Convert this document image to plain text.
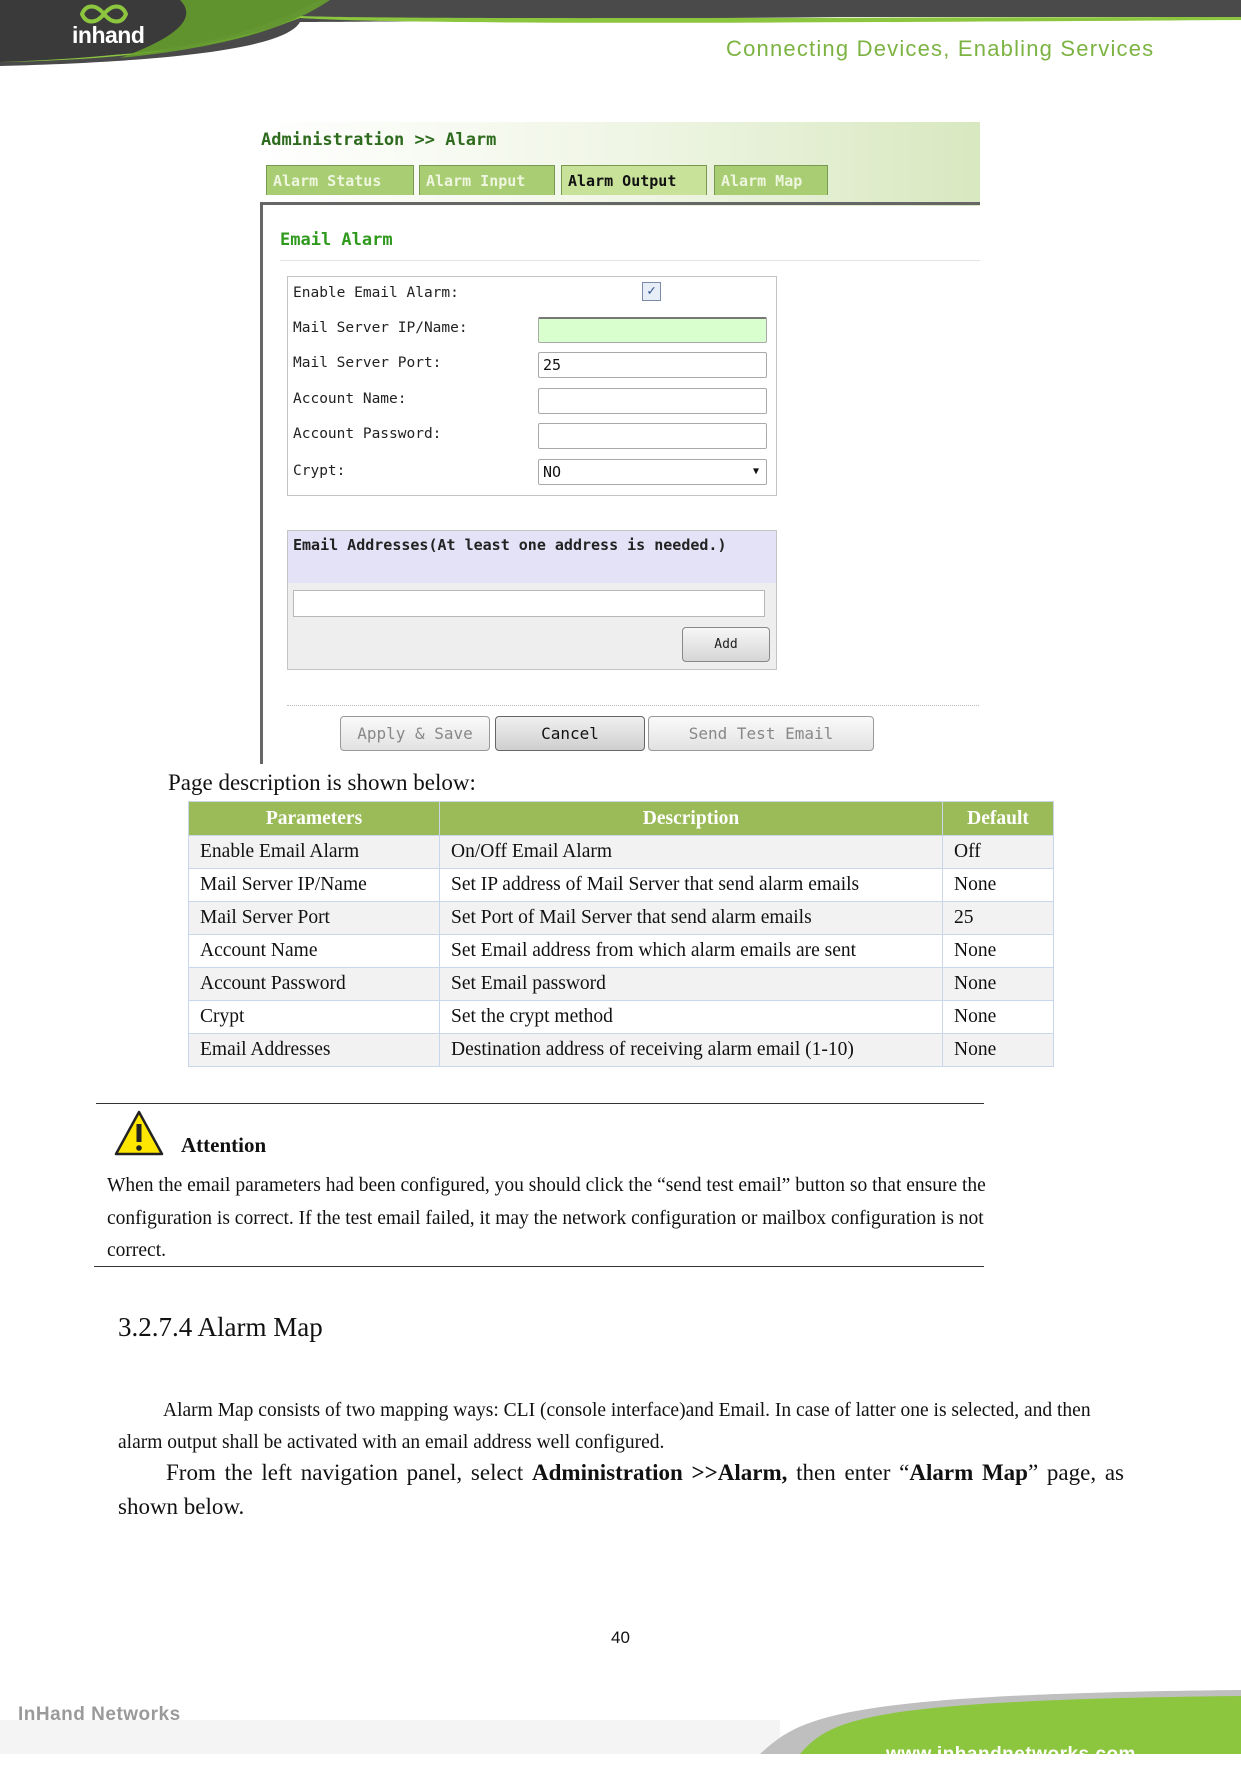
inhand
Connecting Devices, Enabling Services
Administration >> Alarm
Alarm Status	Alarm Input	Alarm Output	Alarm Map
Email Alarm
Enable Email Alarm:	✓
Mail Server IP/Name:
Mail Server Port:	25
Account Name:
Account Password:
Crypt:	NO	▼
Email Addresses(At least one address is needed.)
Add
Apply & Save	Cancel	Send Test Email
Page description is shown below:
Parameters	Description	Default
Enable Email Alarm	On/Off Email Alarm	Off
Mail Server IP/Name	Set IP address of Mail Server that send alarm emails	None
Mail Server Port	Set Port of Mail Server that send alarm emails	25
Account Name	Set Email address from which alarm emails are sent	None
Account Password	Set Email password	None
Crypt	Set the crypt method	None
Email Addresses	Destination address of receiving alarm email (1-10)	None
Attention
When the email parameters had been configured, you should click the “send test email” button so that ensure the configuration is correct. If the test email failed, it may the network configuration or mailbox configuration is not correct.
3.2.7.4 Alarm Map
Alarm Map consists of two mapping ways: CLI (console interface)and Email. In case of latter one is selected, and then alarm output shall be activated with an email address well configured.
From the left navigation panel, select Administration >>Alarm, then enter “Alarm Map” page, as shown below.
40
InHand Networks
www.inhandnetworks.com
